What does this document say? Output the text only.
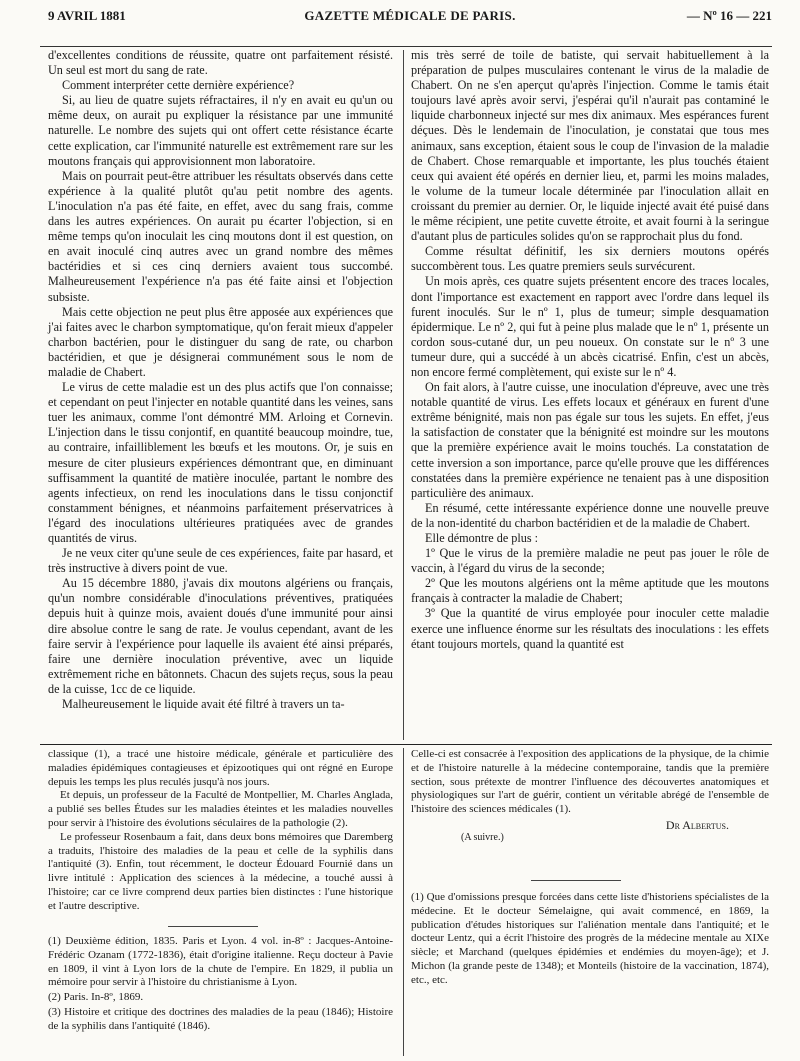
9 AVRIL 1881	GAZETTE MÉDICALE DE PARIS.	— Nº 16 — 221

d'excellentes conditions de réussite, quatre ont parfaitement résisté. Un seul est mort du sang de rate.

Comment interpréter cette dernière expérience?

Si, au lieu de quatre sujets réfractaires, il n'y en avait eu qu'un ou même deux, on aurait pu expliquer la résistance par une immunité naturelle. Le nombre des sujets qui ont offert cette résistance écarte cette explication, car l'immunité naturelle est extrêmement rare sur les moutons français qui approvisionnent mon laboratoire.

Mais on pourrait peut-être attribuer les résultats observés dans cette expérience à la qualité plutôt qu'au petit nombre des agents. L'inoculation n'a pas été faite, en effet, avec du sang frais, comme dans les autres expériences. On aurait pu écarter l'objection, si en même temps qu'on inoculait les cinq moutons dont il est question, on en avait inoculé cinq autres avec un grand nombre des mêmes bactéridies et si ces cinq derniers avaient tous succombé. Malheureusement l'expérience n'a pas été faite ainsi et l'objection subsiste.

Mais cette objection ne peut plus être apposée aux expériences que j'ai faites avec le charbon symptomatique, qu'on ferait mieux d'appeler charbon bactérien, pour le distinguer du sang de rate, ou charbon bactéridien, et que je désignerai communément sous le nom de maladie de Chabert.

Le virus de cette maladie est un des plus actifs que l'on connaisse; et cependant on peut l'injecter en notable quantité dans les veines, sans tuer les animaux, comme l'ont démontré MM. Arloing et Cornevin. L'injection dans le tissu conjontif, en quantité beaucoup moindre, tue, au contraire, infailliblement les bœufs et les moutons. Or, je suis en mesure de citer plusieurs expériences démontrant que, en diminuant suffisamment la quantité de matière inoculée, partant le nombre des agents infectieux, on rend les inoculations dans le tissu conjonctif constamment bénignes, et néanmoins parfaitement préservatrices à l'égard des inoculations ultérieures pratiquées avec de grandes quantités de virus.

Je ne veux citer qu'une seule de ces expériences, faite par hasard, et très instructive à divers point de vue.

Au 15 décembre 1880, j'avais dix moutons algériens ou français, qu'un nombre considérable d'inoculations préventives, pratiquées depuis huit à quinze mois, avaient doués d'une immunité pour ainsi dire absolue contre le sang de rate. Je voulus cependant, avant de les faire servir à l'expérience pour laquelle ils avaient été ainsi préparés, faire une dernière inoculation préventive, avec un liquide extrêmement riche en bâtonnets. Chacun des sujets reçus, sous la peau de la cuisse, 1cc de ce liquide.

Malheureusement le liquide avait été filtré à travers un ta-

mis très serré de toile de batiste, qui servait habituellement à la préparation de pulpes musculaires contenant le virus de la maladie de Chabert. On ne s'en aperçut qu'après l'injection. Comme le tamis était toujours lavé après avoir servi, j'espérai qu'il n'aurait pas contaminé le liquide charbonneux injecté sur mes dix animaux. Mes espérances furent déçues. Dès le lendemain de l'inoculation, je constatai que tous mes animaux, sans exception, étaient sous le coup de l'invasion de la maladie de Chabert. Chose remarquable et importante, les plus touchés étaient ceux qui avaient été opérés en dernier lieu, et, parmi les moins malades, le volume de la tumeur locale déterminée par l'inoculation allait en croissant du premier au dernier. Or, le liquide injecté avait été puisé dans le même récipient, une petite cuvette étroite, et avait fourni à la seringue d'autant plus de particules solides qu'on se rapprochait plus du fond.

Comme résultat définitif, les six derniers moutons opérés succombèrent tous. Les quatre premiers seuls survécurent.

Un mois après, ces quatre sujets présentent encore des traces locales, dont l'importance est exactement en rapport avec l'ordre dans lequel ils furent inoculés. Sur le nº 1, plus de tumeur; simple desquamation épidermique. Le nº 2, qui fut à peine plus malade que le nº 1, présente un cordon sous-cutané dur, un peu noueux. On constate sur le nº 3 une tumeur dure, qui a succédé à un abcès cicatrisé. Enfin, c'est un abcès, non encore fermé complètement, qui existe sur le nº 4.

On fait alors, à l'autre cuisse, une inoculation d'épreuve, avec une très notable quantité de virus. Les effets locaux et généraux en furent d'une extrême bénignité, mais non pas égale sur tous les sujets. En effet, j'eus la satisfaction de constater que la bénignité est moindre sur les moutons que la première expérience avait le moins touchés. La constatation de cette inversion a son importance, parce qu'elle prouve que les différences constatées dans la première expérience ne tenaient pas à une disposition particulière des animaux.

En résumé, cette intéressante expérience donne une nouvelle preuve de la non-identité du charbon bactéridien et de la maladie de Chabert.

Elle démontre de plus :

1º Que le virus de la première maladie ne peut pas jouer le rôle de vaccin, à l'égard du virus de la seconde;

2º Que les moutons algériens ont la même aptitude que les moutons français à contracter la maladie de Chabert;

3º Que la quantité de virus employée pour inoculer cette maladie exerce une influence énorme sur les résultats des inoculations : les effets étant toujours mortels, quand la quantité est

classique (1), a tracé une histoire médicale, générale et particulière des maladies épidémiques contagieuses et épizootiques qui ont régné en Europe depuis les temps les plus reculés jusqu'à nos jours.

Et depuis, un professeur de la Faculté de Montpellier, M. Charles Anglada, a publié ses belles Études sur les maladies éteintes et les maladies nouvelles pour servir à l'histoire des évolutions séculaires de la pathologie (2).

Le professeur Rosenbaum a fait, dans deux bons mémoires que Daremberg a traduits, l'histoire des maladies de la peau et celle de la syphilis dans l'antiquité (3). Enfin, tout récemment, le docteur Édouard Fournié dans un livre intitulé : Application des sciences à la médecine, a touché aussi à l'histoire; car ce livre comprend deux parties bien distinctes : l'une historique et l'autre descriptive.

Celle-ci est consacrée à l'exposition des applications de la physique, de la chimie et de l'histoire naturelle à la médecine contemporaine, tandis que la première section, sous prétexte de montrer l'influence des découvertes anatomiques et physiologiques sur l'art de guérir, contient un véritable abrégé de l'ensemble de l'histoire des sciences médicales (1).

Dr Albertus.

(A suivre.)

(1) Deuxième édition, 1835. Paris et Lyon. 4 vol. in-8º : Jacques-Antoine-Frédéric Ozanam (1772-1836), était d'origine italienne. Reçu docteur à Pavie en 1809, il vint à Lyon lors de la chute de l'empire. En 1829, il publia un mémoire pour servir à l'histoire du christianisme à Lyon.

(2) Paris. In-8º, 1869.

(3) Histoire et critique des doctrines des maladies de la peau (1846); Histoire de la syphilis dans l'antiquité (1846).

(1) Que d'omissions presque forcées dans cette liste d'historiens spécialistes de la médecine. Et le docteur Sémelaigne, qui avait commencé, en 1869, la publication d'études historiques sur l'aliénation mentale dans l'antiquité; et le docteur Lentz, qui a écrit l'histoire des progrès de la médecine mentale au XIXe siècle; et Marchand (quelques épidémies et endémies du moyen-âge); et J. Michon (la grande peste de 1348); et Monteils (histoire de la vaccination, 1874), etc., etc.
